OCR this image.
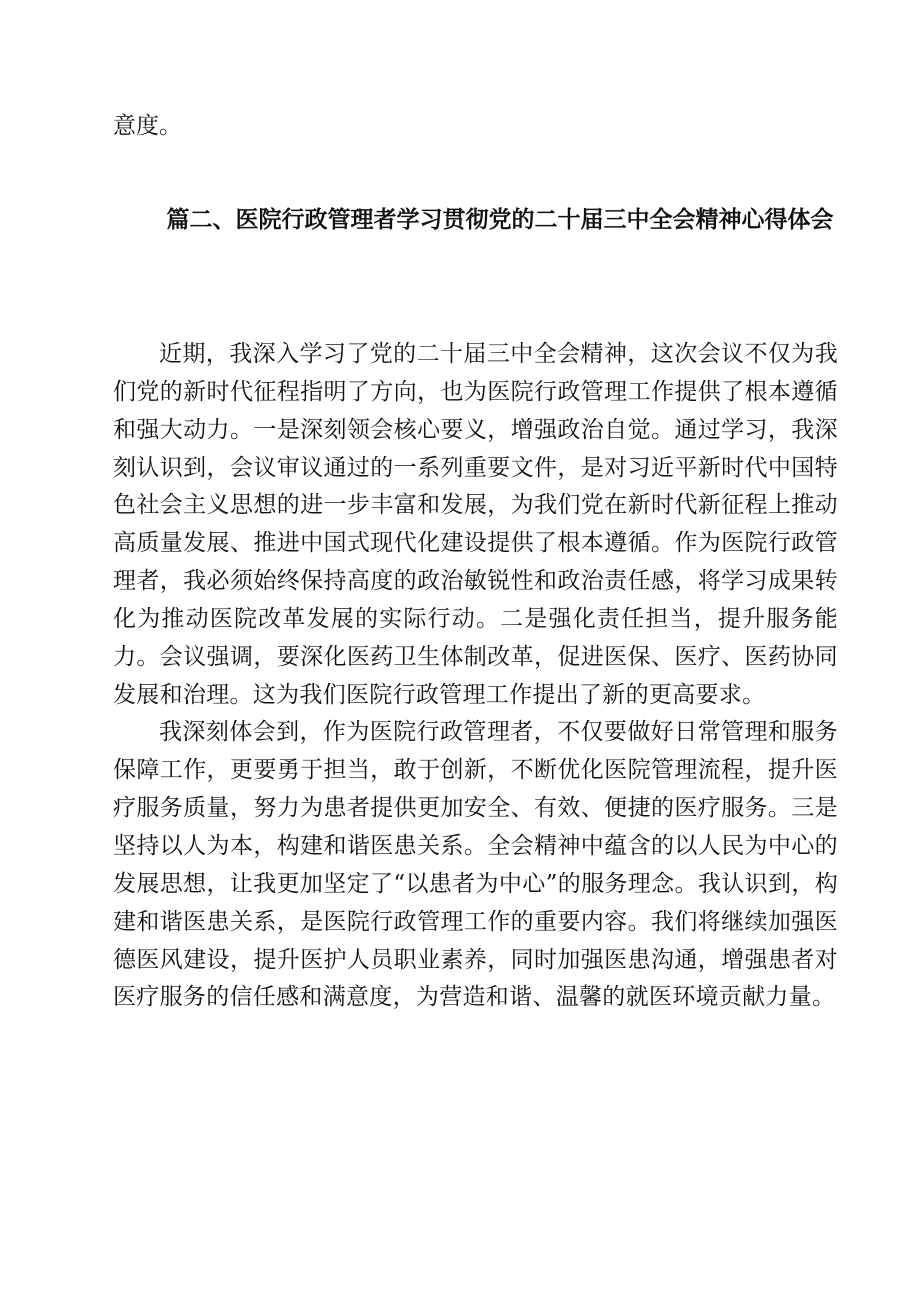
意度。

篇二、医院行政管理者学习贯彻党的二十届三中全会精神心得体会

近期，我深入学习了党的二十届三中全会精神，这次会议不仅为我们党的新时代征程指明了方向，也为医院行政管理工作提供了根本遵循和强大动力。一是深刻领会核心要义，增强政治自觉。通过学习，我深刻认识到，会议审议通过的一系列重要文件，是对习近平新时代中国特色社会主义思想的进一步丰富和发展，为我们党在新时代新征程上推动高质量发展、推进中国式现代化建设提供了根本遵循。作为医院行政管理者，我必须始终保持高度的政治敏锐性和政治责任感，将学习成果转化为推动医院改革发展的实际行动。二是强化责任担当，提升服务能力。会议强调，要深化医药卫生体制改革，促进医保、医疗、医药协同发展和治理。这为我们医院行政管理工作提出了新的更高要求。

我深刻体会到，作为医院行政管理者，不仅要做好日常管理和服务保障工作，更要勇于担当，敢于创新，不断优化医院管理流程，提升医疗服务质量，努力为患者提供更加安全、有效、便捷的医疗服务。三是坚持以人为本，构建和谐医患关系。全会精神中蕴含的以人民为中心的发展思想，让我更加坚定了“以患者为中心”的服务理念。我认识到，构建和谐医患关系，是医院行政管理工作的重要内容。我们将继续加强医德医风建设，提升医护人员职业素养，同时加强医患沟通，增强患者对医疗服务的信任感和满意度，为营造和谐、温馨的就医环境贡献力量。
